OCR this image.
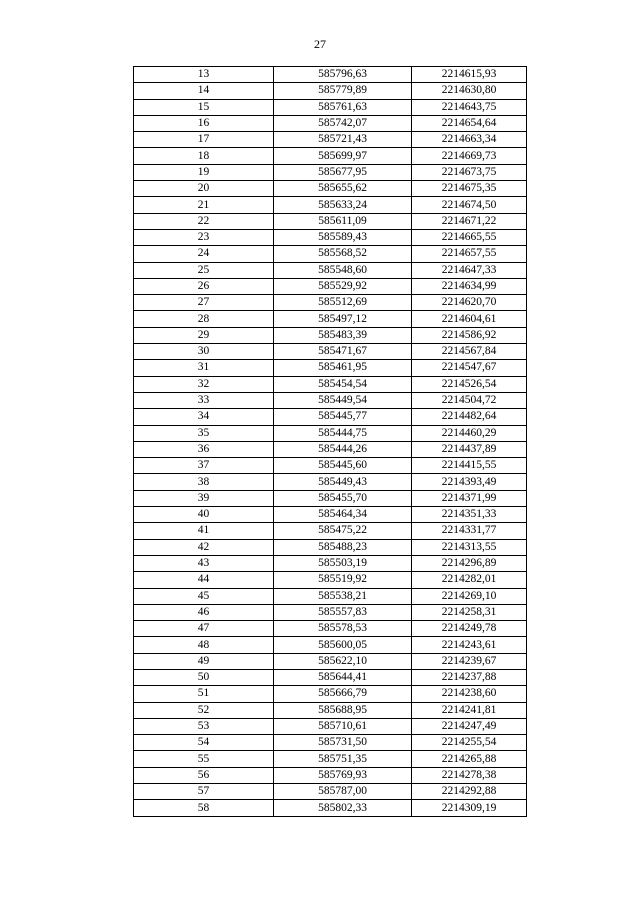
27
13	585796,63	2214615,93
14	585779,89	2214630,80
15	585761,63	2214643,75
16	585742,07	2214654,64
17	585721,43	2214663,34
18	585699,97	2214669,73
19	585677,95	2214673,75
20	585655,62	2214675,35
21	585633,24	2214674,50
22	585611,09	2214671,22
23	585589,43	2214665,55
24	585568,52	2214657,55
25	585548,60	2214647,33
26	585529,92	2214634,99
27	585512,69	2214620,70
28	585497,12	2214604,61
29	585483,39	2214586,92
30	585471,67	2214567,84
31	585461,95	2214547,67
32	585454,54	2214526,54
33	585449,54	2214504,72
34	585445,77	2214482,64
35	585444,75	2214460,29
36	585444,26	2214437,89
37	585445,60	2214415,55
38	585449,43	2214393,49
39	585455,70	2214371,99
40	585464,34	2214351,33
41	585475,22	2214331,77
42	585488,23	2214313,55
43	585503,19	2214296,89
44	585519,92	2214282,01
45	585538,21	2214269,10
46	585557,83	2214258,31
47	585578,53	2214249,78
48	585600,05	2214243,61
49	585622,10	2214239,67
50	585644,41	2214237,88
51	585666,79	2214238,60
52	585688,95	2214241,81
53	585710,61	2214247,49
54	585731,50	2214255,54
55	585751,35	2214265,88
56	585769,93	2214278,38
57	585787,00	2214292,88
58	585802,33	2214309,19
